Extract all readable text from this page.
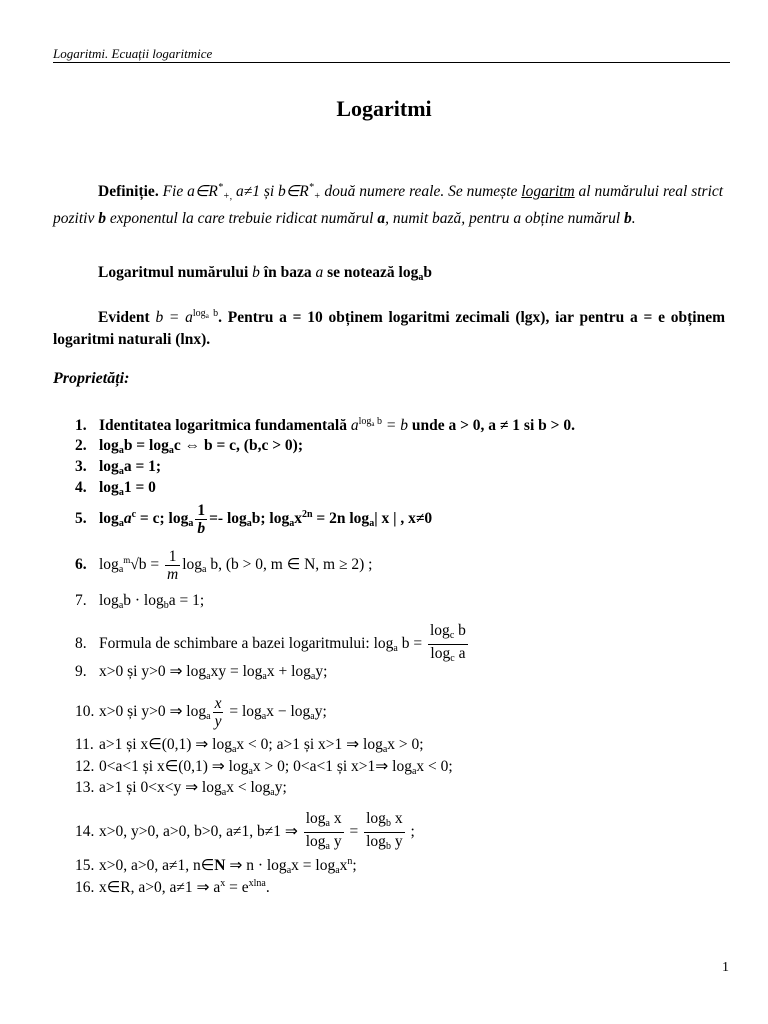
Logaritmi. Ecuații logaritmice
Logaritmi
Definiție. Fie $a\in R^*_{+,}$ a≠1 și $b\in R^*_+$ două numere reale. Se numește logaritm al numărului real strict pozitiv b exponentul la care trebuie ridicat numărul a, numit bază, pentru a obține numărul b.
Logaritmul numărului b în baza a se notează $\log_ab$
Evident $b = a^{log_a b}$. Pentru a = 10 obținem logaritmi zecimali (lgx), iar pentru a = e obținem logaritmi naturali (lnx).
Proprietăți:
1. Identitatea logaritmica fundamentală $a^{log_a b} = b$ unde a > 0, a ≠ 1 si b > 0.
2. $\log_ab = \log_ac$ ⇔ b = c, (b,c > 0);
3. $\log_aa = 1$;
4. $\log_a1 = 0$
5. $\log_aa^c = c$; $\log_a \frac{1}{b} =- \log_ab$; $\log_ax^{2n} = 2n$ $\log_a|$ x | , x≠0
6. $\log_a^m√b = \frac{1}{m} \log_a b$, (b > 0, m ∈ N, m ≥ 2) ;
7. $\log_ab \cdot \log_ba = 1$;
8. Formula de schimbare a bazei logaritmului: $\log_a b = \frac{\log_c b}{\log_c a}$
9. x>0 și y>0 ⇒ $\log_axy = \log_ax + \log_ay$;
10. x>0 și y>0 ⇒ $\log_a \frac{x}{y} = \log_ax - \log_ay$;
11. a>1 și x∈(0,1) ⇒ $\log_ax < 0$; a>1 și x>1 ⇒ $\log_ax > 0$;
12. 0<a<1 și x∈(0,1) ⇒ $\log_ax > 0$; 0<a<1 și x>1⇒ $\log_ax < 0$;
13. a>1 și 0<x<y ⇒ $\log_ax < \log_ay$;
14. x>0, y>0, a>0, b>0, a≠1, b≠1 ⇒ $\frac{\log_a x}{\log_a y} = \frac{\log_b x}{\log_b y}$ ;
15. x>0, a>0, a≠1, n∈N ⇒ $n \cdot \log_ax = \log_ax^n$;
16. x∈R, a>0, a≠1 ⇒ $a^x = e^{xlna}$.
1
